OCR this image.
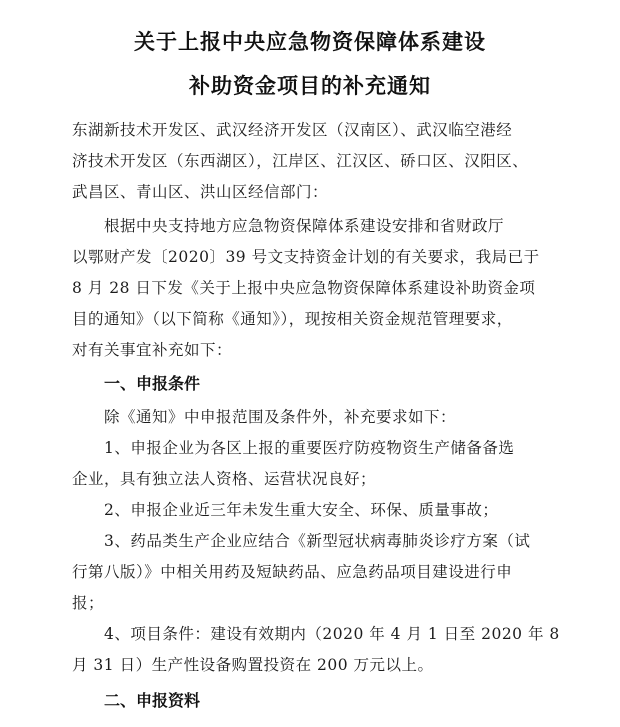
关于上报中央应急物资保障体系建设
补助资金项目的补充通知
东湖新技术开发区、武汉经济开发区（汉南区）、武汉临空港经
济技术开发区（东西湖区），江岸区、江汉区、硚口区、汉阳区、
武昌区、青山区、洪山区经信部门：
根据中央支持地方应急物资保障体系建设安排和省财政厅
以鄂财产发〔2020〕39 号文支持资金计划的有关要求，我局已于
8 月 28 日下发《关于上报中央应急物资保障体系建设补助资金项
目的通知》（以下简称《通知》），现按相关资金规范管理要求，
对有关事宜补充如下：
一、申报条件
除《通知》中申报范围及条件外，补充要求如下：
1、申报企业为各区上报的重要医疗防疫物资生产储备备选
企业，具有独立法人资格、运营状况良好；
2、申报企业近三年未发生重大安全、环保、质量事故；
3、药品类生产企业应结合《新型冠状病毒肺炎诊疗方案（试
行第八版）》中相关用药及短缺药品、应急药品项目建设进行申
报；
4、项目条件：建设有效期内（2020 年 4 月 1 日至 2020 年 8
月 31 日）生产性设备购置投资在 200 万元以上。
二、申报资料
